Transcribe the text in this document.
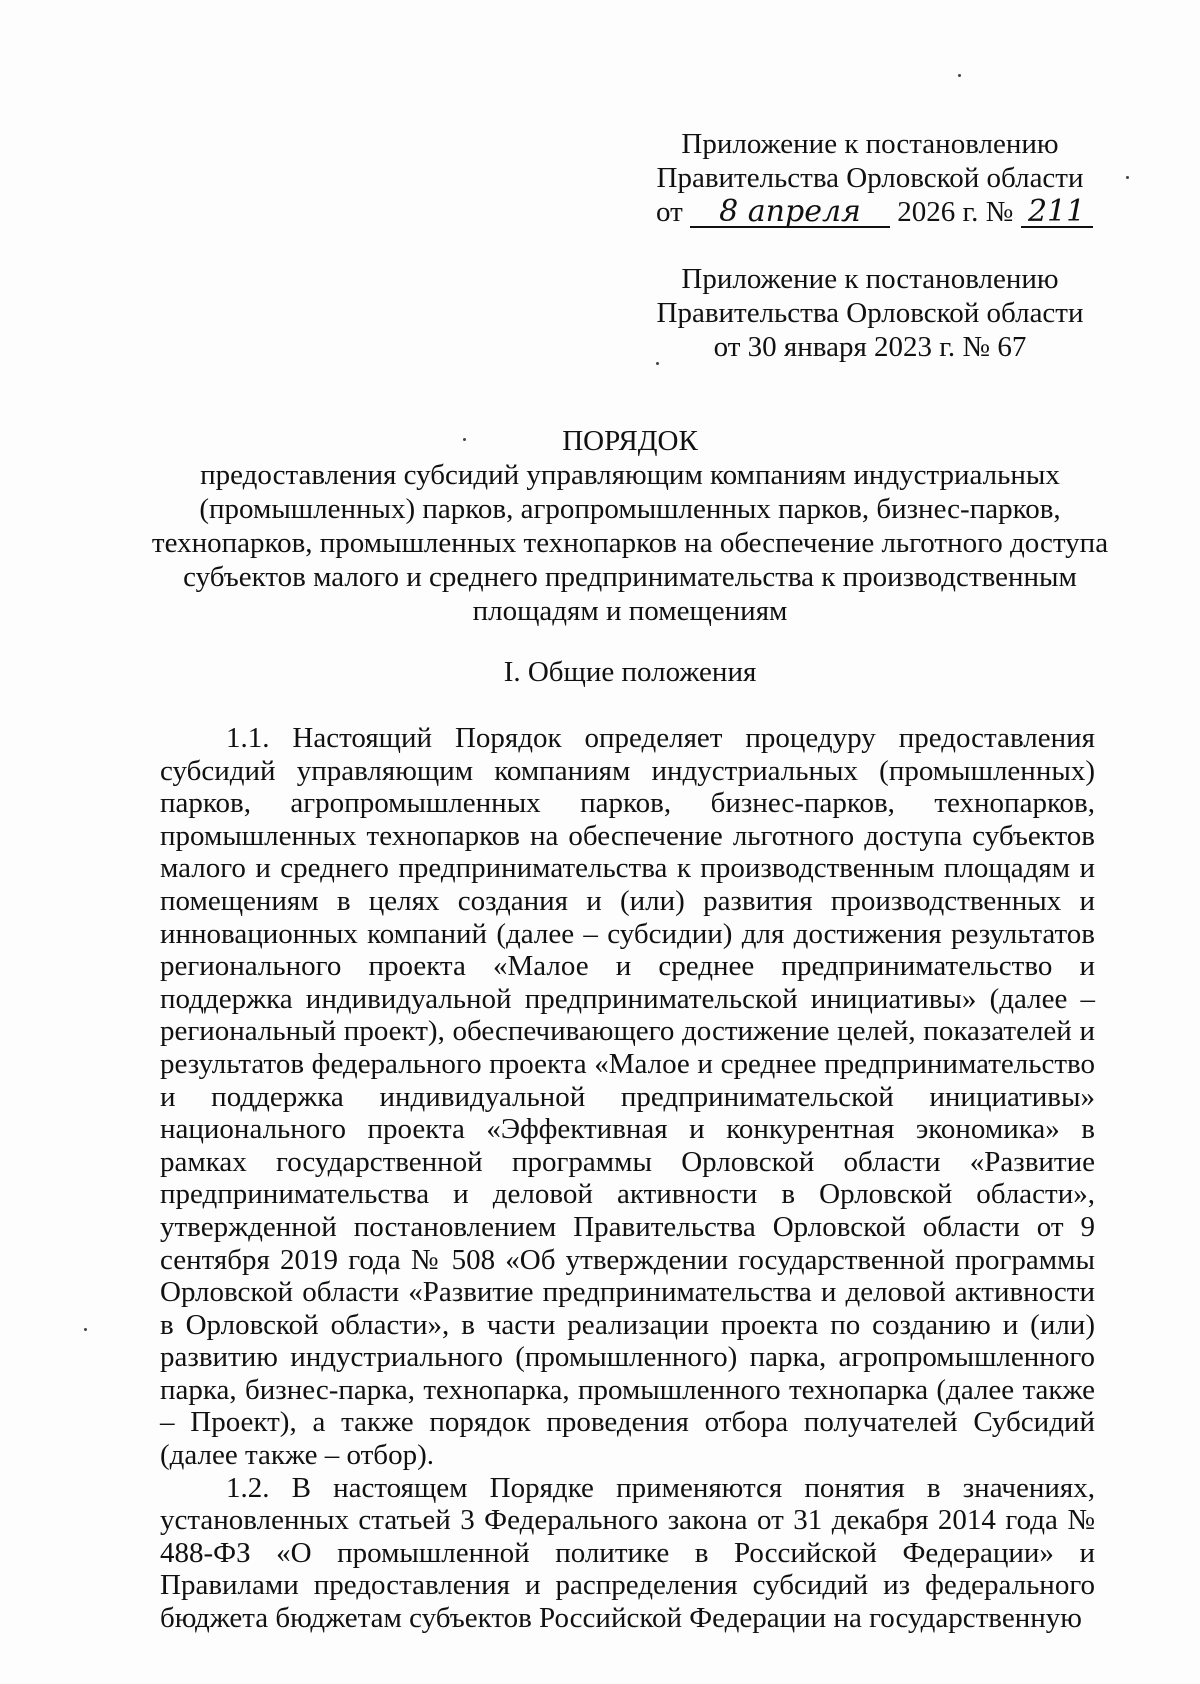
Приложение к постановлению
Правительства Орловской области
от 8 апреля 2026 г. № 211
Приложение к постановлению
Правительства Орловской области
от 30 января 2023 г. № 67
ПОРЯДОК
предоставления субсидий управляющим компаниям индустриальных (промышленных) парков, агропромышленных парков, бизнес-парков, технопарков, промышленных технопарков на обеспечение льготного доступа субъектов малого и среднего предпринимательства к производственным площадям и помещениям
I. Общие положения

1.1. Настоящий Порядок определяет процедуру предоставления субсидий управляющим компаниям индустриальных (промышленных) парков, агропромышленных парков, бизнес-парков, технопарков, промышленных технопарков на обеспечение льготного доступа субъектов малого и среднего предпринимательства к производственным площадям и помещениям в целях создания и (или) развития производственных и инновационных компаний (далее – субсидии) для достижения результатов регионального проекта «Малое и среднее предпринимательство и поддержка индивидуальной предпринимательской инициативы» (далее – региональный проект), обеспечивающего достижение целей, показателей и результатов федерального проекта «Малое и среднее предпринимательство и поддержка индивидуальной предпринимательской инициативы» национального проекта «Эффективная и конкурентная экономика» в рамках государственной программы Орловской области «Развитие предпринимательства и деловой активности в Орловской области», утвержденной постановлением Правительства Орловской области от 9 сентября 2019 года № 508 «Об утверждении государственной программы Орловской области «Развитие предпринимательства и деловой активности в Орловской области», в части реализации проекта по созданию и (или) развитию индустриального (промышленного) парка, агропромышленного парка, бизнес-парка, технопарка, промышленного технопарка (далее также – Проект), а также порядок проведения отбора получателей Субсидий (далее также – отбор).

1.2. В настоящем Порядке применяются понятия в значениях, установленных статьей 3 Федерального закона от 31 декабря 2014 года № 488-ФЗ «О промышленной политике в Российской Федерации» и Правилами предоставления и распределения субсидий из федерального бюджета бюджетам субъектов Российской Федерации на государственную
